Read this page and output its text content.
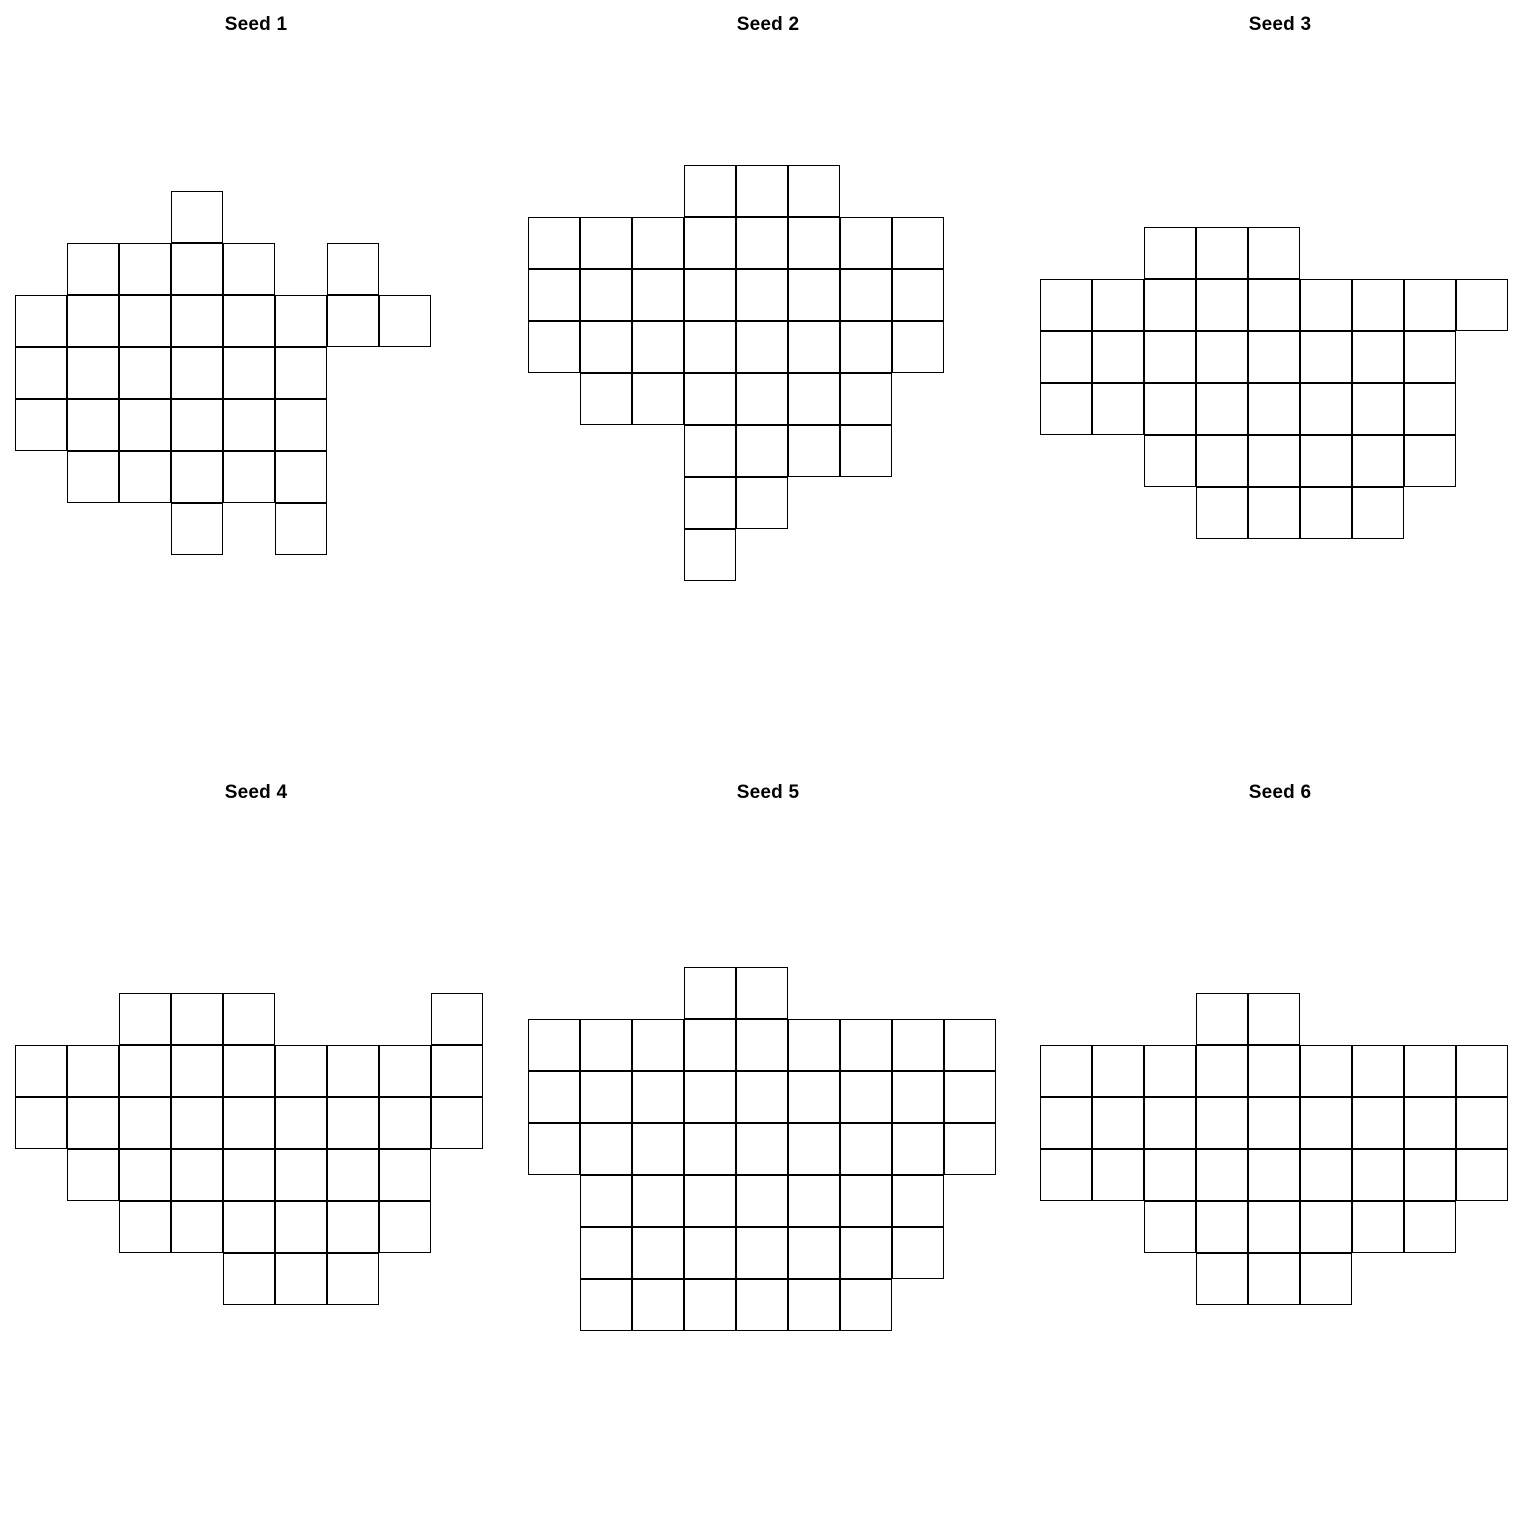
Seed 1	Seed 2	Seed 3
Seed 4	Seed 5	Seed 6
